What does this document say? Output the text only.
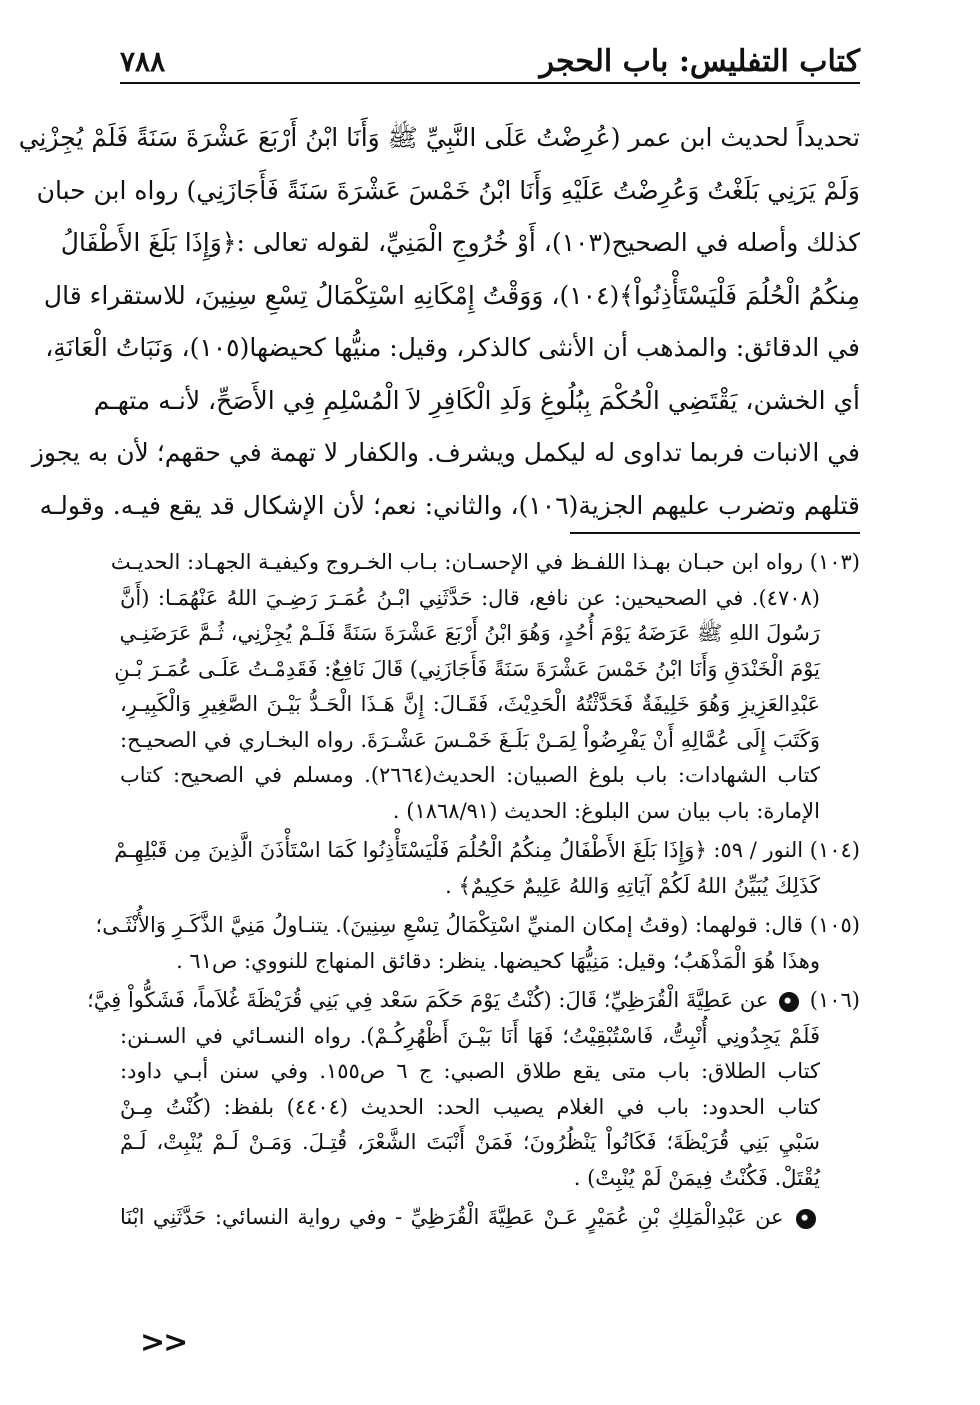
كتاب التفليس: باب الحجر
٧٨٨
تحديداً لحديث ابن عمر (عُرِضْتُ عَلَى النَّبِيِّ ﷺ وَأَنَا ابْنُ أَرْبَعَ عَشْرَةَ سَنَةً فَلَمْ يُجِزْنِي
وَلَمْ يَرَنِي بَلَغْتُ وَعُرِضْتُ عَلَيْهِ وَأَنَا ابْنُ خَمْسَ عَشْرَةَ سَنَةً فَأَجَازَنِي) رواه ابن حبان
كذلك وأصله في الصحيح(١٠٣)، أَوْ خُرُوجِ الْمَنِيِّ، لقوله تعالى :﴿وَإِذَا بَلَغَ الأَطْفَالُ
مِنكُمُ الْحُلُمَ فَلْيَسْتَأْذِنُواْ﴾(١٠٤)، وَوَقْتُ إِمْكَانِهِ اسْتِكْمَالُ تِسْعِ سِنِينَ، للاستقراء قال
في الدقائق: والمذهب أن الأنثى كالذكر، وقيل: منيُّها كحيضها(١٠٥)، وَنَبَاتُ الْعَانَةِ،
أي الخشن، يَقْتَضِي الْحُكْمَ بِبُلُوغِ وَلَدِ الْكَافِرِ لاَ الْمُسْلِمِ فِي الأَصَحِّ، لأنـه متهـم
في الانبات فربما تداوى له ليكمل ويشرف. والكفار لا تهمة في حقهم؛ لأن به يجوز
قتلهم وتضرب عليهم الجزية(١٠٦)، والثاني: نعم؛ لأن الإشكال قد يقع فيـه. وقولـه
(١٠٣) رواه ابن حبـان بهـذا اللفـظ في الإحسـان: بـاب الخـروج وكيفيـة الجهـاد: الحديـث
(٤٧٠٨). في الصحيحين: عن نافع، قال: حَدَّثَنِي ابْـنُ عُمَـرَ رَضِـيَ اللهُ عَنْهُمَـا: (أَنَّ
رَسُولَ اللهِ ﷺ عَرَضَهُ يَوْمَ أُحُدٍ، وَهُوَ ابْنُ أَرْبَعَ عَشْرَةَ سَنَةً فَلَـمْ يُجِزْنِي، ثُـمَّ عَرَضَنِـي
يَوْمَ الْخَنْدَقِ وَأَنَا ابْنُ خَمْسَ عَشْرَةَ سَنَةً فَأَجَازَنِي) قَالَ نَافِعٌ: فَقَدِمْـتُ عَلَـى عُمَـرَ بْـنِ
عَبْدِالعَزِيزِ وَهُوَ خَلِيفَةٌ فَحَدَّثْتُهُ الْحَدِيْثَ، فَقَـالَ: إِنَّ هَـذَا الْحَـدُّ بَيْـنَ الصَّغِيرِ وَالْكَبِيـرِ،
وَكَتَبَ إِلَى عُمَّالِهِ أَنْ يَفْرِضُواْ لِمَـنْ بَلَـغَ خَمْـسَ عَشْـرَةَ. رواه البخـاري في الصحيـح:
كتاب الشهادات: باب بلوغ الصبيان: الحديث(٢٦٦٤). ومسلم في الصحيح: كتاب
الإمارة: باب بيان سن البلوغ: الحديث (١٨٦٨/٩١) .
(١٠٤) النور / ٥٩: ﴿وَإِذَا بَلَغَ الأَطْفَالُ مِنكُمُ الْحُلُمَ فَلْيَسْتَأْذِنُوا كَمَا اسْتَأْذَنَ الَّذِينَ مِن قَبْلِهِـمْ
كَذَلِكَ يُبَيِّنُ اللهُ لَكُمْ آيَاتِهِ وَاللهُ عَلِيمٌ حَكِيمٌ﴾ .
(١٠٥) قال: قولهما: (وقتُ إمكان المنيِّ اسْتِكْمَالُ تِسْعِ سِنِينَ). يتنـاولُ مَنِيَّ الذَّكَـرِ وَالأُنْثَـى؛
وهذَا هُوَ الْمَذْهَبُ؛ وقيل: مَنِيُّهَا كحيضها. ينظر: دقائق المنهاج للنووي: ص٦١ .
(١٠٦)  عن عَطِيَّةَ الْقُرَظِيِّ؛ قَالَ: (كُنْتُ يَوْمَ حَكَمَ سَعْد فِي بَنِي قُرَيْظَةَ غُلاَماً، فَشَكُّواْ فِيَّ؛
فَلَمْ يَجِدُونِي أُنْبِتُّ، فَاسْتُبْقِيْتُ؛ فَهَا أَنَا بَيْـنَ أَظْهُرِكُـمْ). رواه النسـائي في السـنن:
كتاب الطلاق: باب متى يقع طلاق الصبي: ج ٦ ص١٥٥. وفي سنن أبـي داود:
كتاب الحدود: باب في الغلام يصيب الحد: الحديث (٤٤٠٤) بلفظ: (كُنْتُ مِـنْ
سَبْيِ بَنِي قُرَيْظَةَ؛ فَكَانُواْ يَنْظُرُونَ؛ فَمَنْ أَنْبَتَ الشَّعْرَ، قُتِـلَ. وَمَـنْ لَـمْ يُنْبِتْ، لَـمْ
يُقْتَلْ. فَكُنْتُ فِيمَنْ لَمْ يُنْبِتْ) .
عن عَبْدِالْمَلِكِ بْنِ عُمَيْرٍ عَـنْ عَطِيَّةَ الْقُرَظِيِّ - وفي رواية النسائي: حَدَّثَنِي ابْنَا
<<
